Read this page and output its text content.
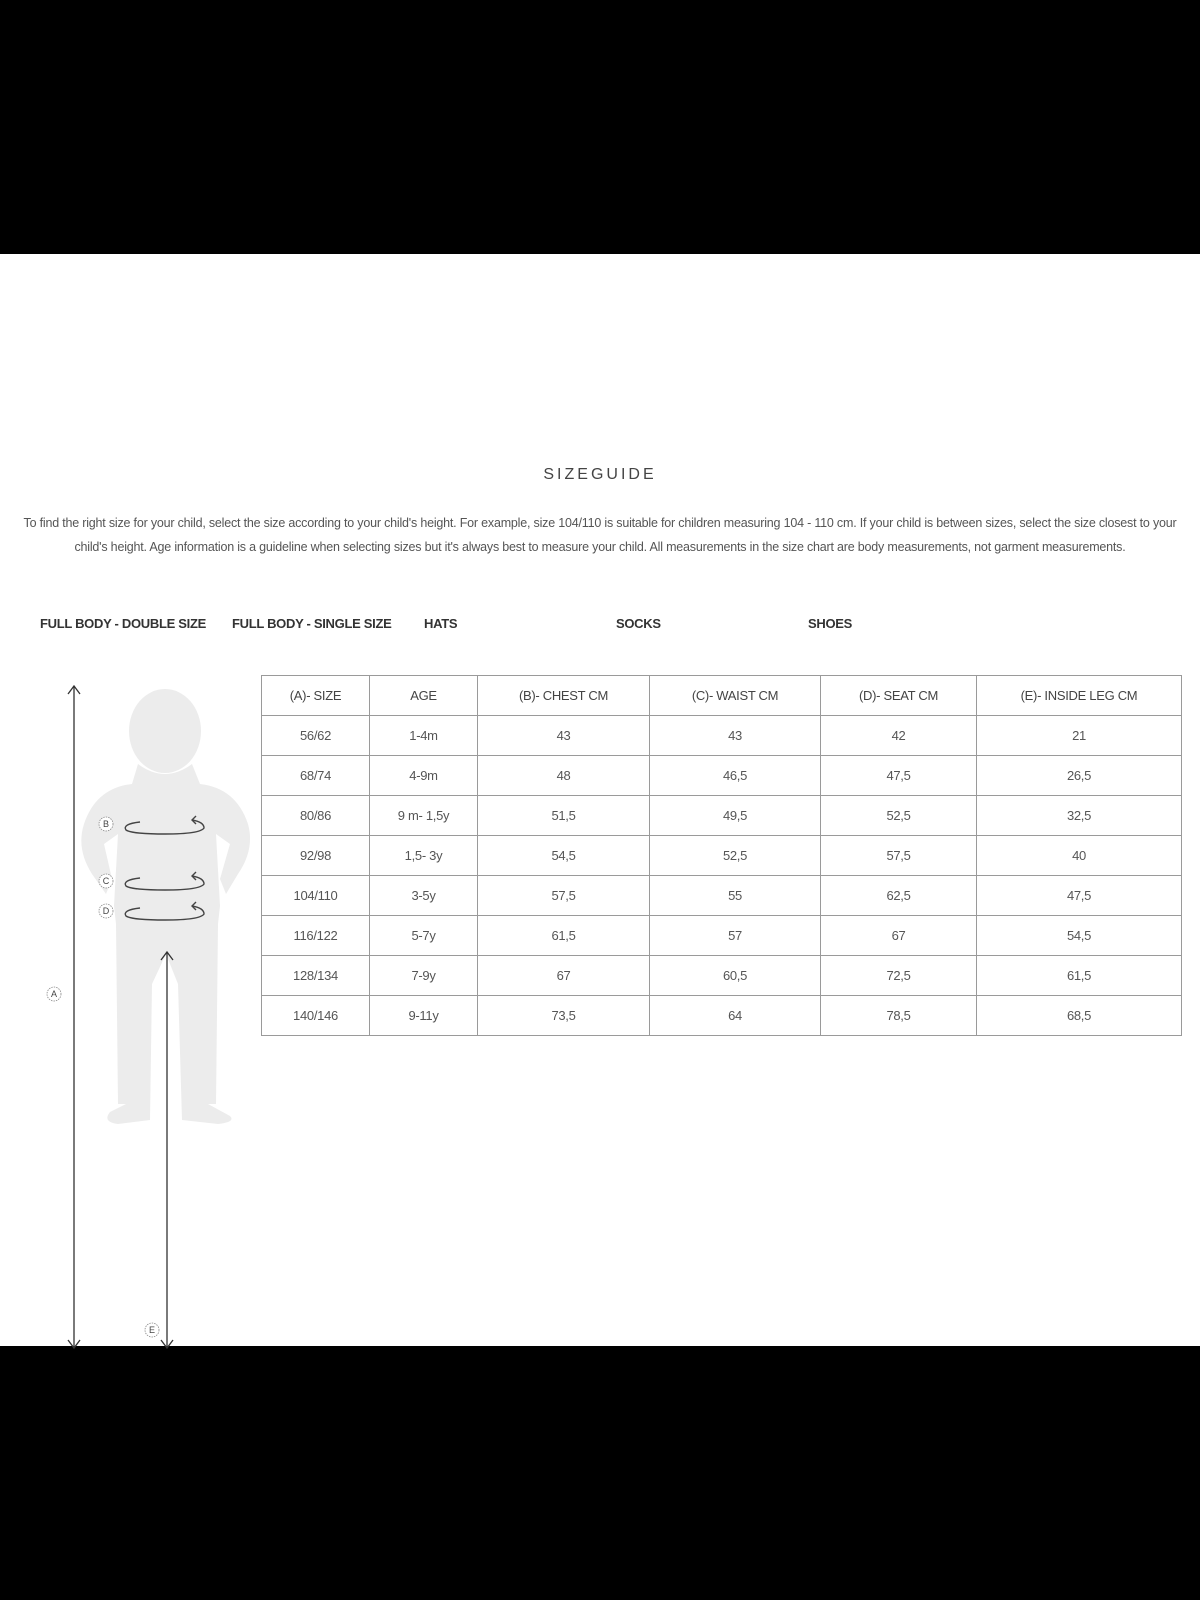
SIZEGUIDE
To find the right size for your child, select the size according to your child's height. For example, size 104/110 is suitable for children measuring 104 - 110 cm. If your child is between sizes, select the size closest to your child's height. Age information is a guideline when selecting sizes but it's always best to measure your child. All measurements in the size chart are body measurements, not garment measurements.
FULL BODY - DOUBLE SIZE FULL BODY - SINGLE SIZE	HATS	SOCKS	SHOES
B
C
D
A
E
(A)- SIZE	AGE	(B)- CHEST CM	(C)- WAIST CM	(D)- SEAT CM	(E)- INSIDE LEG CM
56/62	1-4m	43	43	42	21
68/74	4-9m	48	46,5	47,5	26,5
80/86	9 m- 1,5y	51,5	49,5	52,5	32,5
92/98	1,5- 3y	54,5	52,5	57,5	40
104/110	3-5y	57,5	55	62,5	47,5
116/122	5-7y	61,5	57	67	54,5
128/134	7-9y	67	60,5	72,5	61,5
140/146	9-11y	73,5	64	78,5	68,5
